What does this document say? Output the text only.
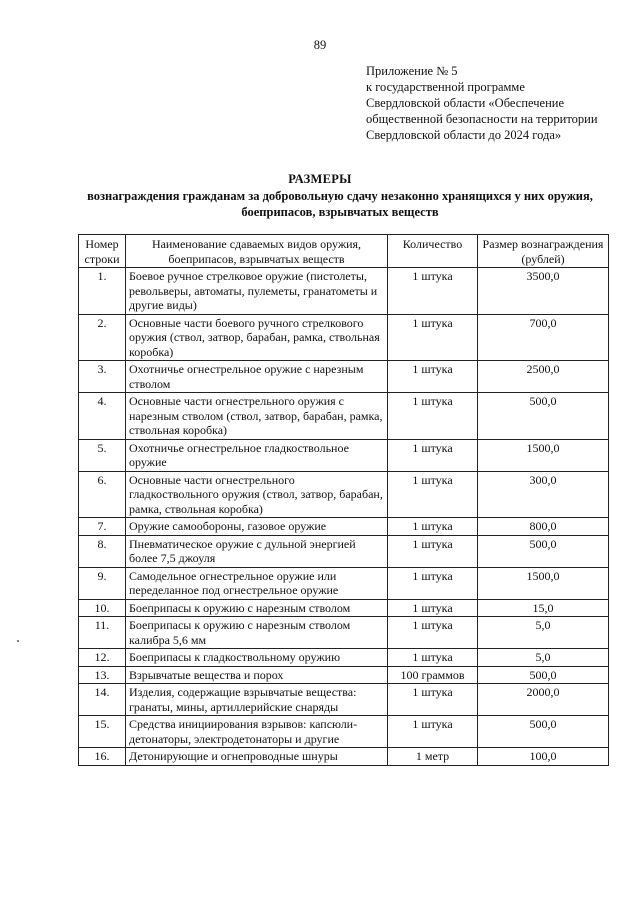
89
Приложение № 5
к государственной программе
Свердловской области «Обеспечение
общественной безопасности на территории
Свердловской области до 2024 года»
РАЗМЕРЫ
вознаграждения гражданам за добровольную сдачу незаконно хранящихся у них оружия,
боеприпасов, взрывчатых веществ
Номер строки	Наименование сдаваемых видов оружия, боеприпасов, взрывчатых веществ	Количество	Размер вознаграждения (рублей)
1.	Боевое ручное стрелковое оружие (пистолеты, револьверы, автоматы, пулеметы, гранатометы и другие виды)	1 штука	3500,0
2.	Основные части боевого ручного стрелкового оружия (ствол, затвор, барабан, рамка, ствольная коробка)	1 штука	700,0
3.	Охотничье огнестрельное оружие с нарезным стволом	1 штука	2500,0
4.	Основные части огнестрельного оружия с нарезным стволом (ствол, затвор, барабан, рамка, ствольная коробка)	1 штука	500,0
5.	Охотничье огнестрельное гладкоствольное оружие	1 штука	1500,0
6.	Основные части огнестрельного гладкоствольного оружия (ствол, затвор, барабан, рамка, ствольная коробка)	1 штука	300,0
7.	Оружие самообороны, газовое оружие	1 штука	800,0
8.	Пневматическое оружие с дульной энергией более 7,5 джоуля	1 штука	500,0
9.	Самодельное огнестрельное оружие или переделанное под огнестрельное оружие	1 штука	1500,0
10.	Боеприпасы к оружию с нарезным стволом	1 штука	15,0
11.	Боеприпасы к оружию с нарезным стволом калибра 5,6 мм	1 штука	5,0
12.	Боеприпасы к гладкоствольному оружию	1 штука	5,0
13.	Взрывчатые вещества и порох	100 граммов	500,0
14.	Изделия, содержащие взрывчатые вещества: гранаты, мины, артиллерийские снаряды	1 штука	2000,0
15.	Средства инициирования взрывов: капсюли-детонаторы, электродетонаторы и другие	1 штука	500,0
16.	Детонирующие и огнепроводные шнуры	1 метр	100,0
